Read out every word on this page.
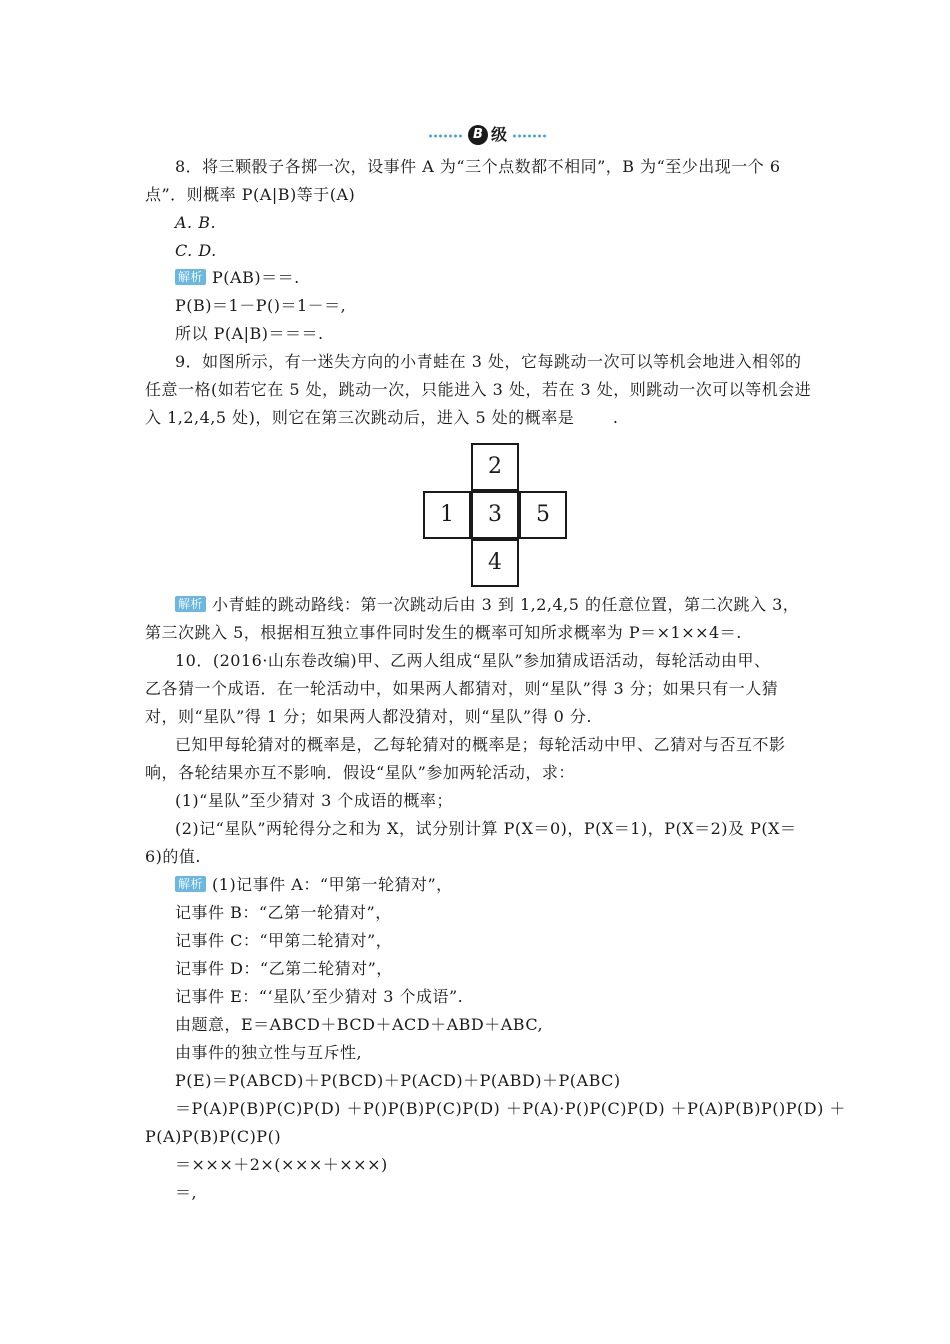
B 级
8．将三颗骰子各掷一次，设事件 A 为“三个点数都不相同”，B 为“至少出现一个 6
点”．则概率 P(A|B)等于(A)
A. B.
C. D.
解析 P(AB)＝＝.
P(B)＝1－P()＝1－＝,
所以 P(A|B)＝＝＝.
9．如图所示，有一迷失方向的小青蛙在 3 处，它每跳动一次可以等机会地进入相邻的
任意一格(如若它在 5 处，跳动一次，只能进入 3 处，若在 3 处，则跳动一次可以等机会进
入 1,2,4,5 处)，则它在第三次跳动后，进入 5 处的概率是 　　.
2
1	3	5
4
解析 小青蛙的跳动路线：第一次跳动后由 3 到 1,2,4,5 的任意位置，第二次跳入 3，
第三次跳入 5，根据相互独立事件同时发生的概率可知所求概率为 P＝×1××4＝.
10．(2016·山东卷改编)甲、乙两人组成“星队”参加猜成语活动，每轮活动由甲、
乙各猜一个成语．在一轮活动中，如果两人都猜对，则“星队”得 3 分；如果只有一人猜
对，则“星队”得 1 分；如果两人都没猜对，则“星队”得 0 分.
已知甲每轮猜对的概率是，乙每轮猜对的概率是；每轮活动中甲、乙猜对与否互不影
响，各轮结果亦互不影响．假设“星队”参加两轮活动，求：
(1)“星队”至少猜对 3 个成语的概率；
(2)记“星队”两轮得分之和为 X，试分别计算 P(X＝0)，P(X＝1)，P(X＝2)及 P(X＝
6)的值.
解析 (1)记事件 A：“甲第一轮猜对”，
记事件 B：“乙第一轮猜对”，
记事件 C：“甲第二轮猜对”，
记事件 D：“乙第二轮猜对”，
记事件 E：“‘星队’至少猜对 3 个成语”.
由题意，E＝ABCD＋BCD＋ACD＋ABD＋ABC,
由事件的独立性与互斥性,
P(E)＝P(ABCD)＋P(BCD)＋P(ACD)＋P(ABD)＋P(ABC)
＝P(A)P(B)P(C)P(D) ＋P()P(B)P(C)P(D) ＋P(A)·P()P(C)P(D) ＋P(A)P(B)P()P(D) ＋
P(A)P(B)P(C)P()
＝×××＋2×(×××＋×××)
＝,
